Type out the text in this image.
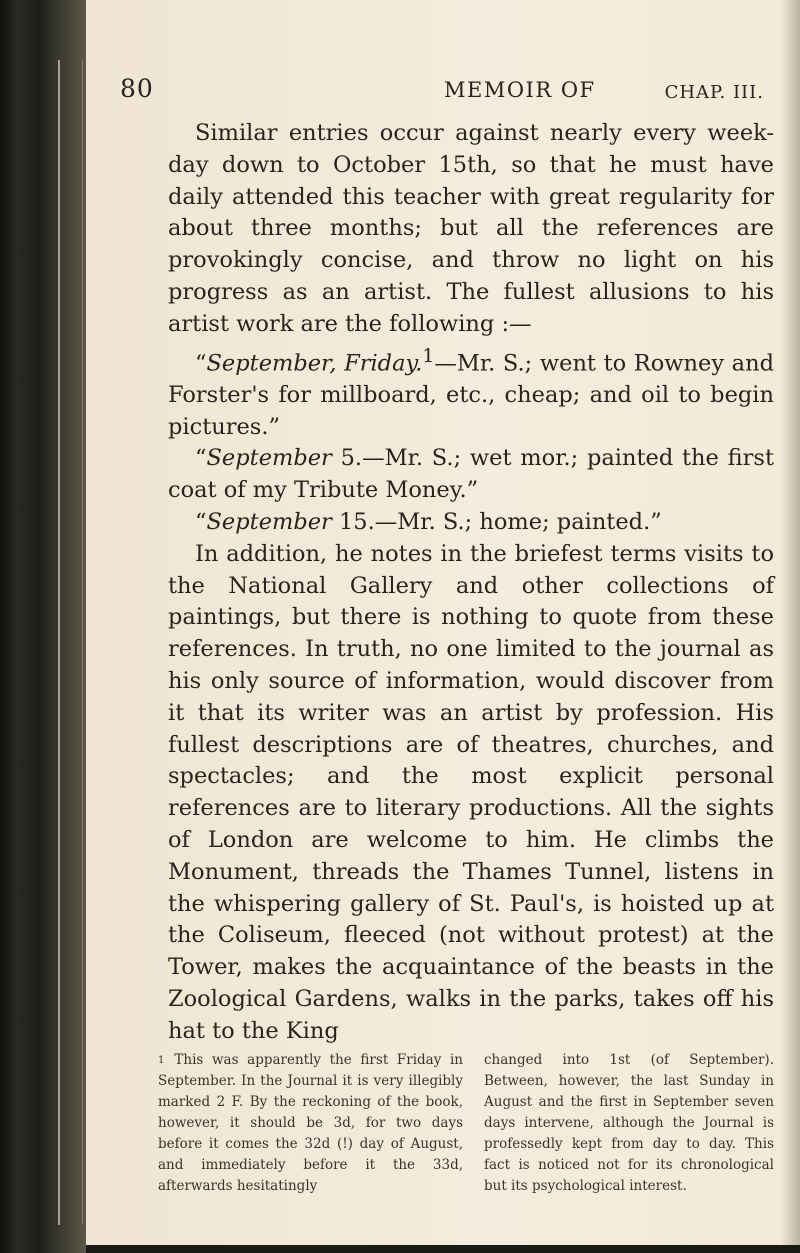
80	MEMOIR OF	CHAP. III.

Similar entries occur against nearly every week-day down to October 15th, so that he must have daily attended this teacher with great regularity for about three months; but all the references are provokingly concise, and throw no light on his progress as an artist. The fullest allusions to his artist work are the following :—

“September, Friday.$^1$—Mr. S.; went to Rowney and Forster's for millboard, etc., cheap; and oil to begin pictures.”

“September 5.—Mr. S.; wet mor.; painted the first coat of my Tribute Money.”

“September 15.—Mr. S.; home; painted.”

In addition, he notes in the briefest terms visits to the National Gallery and other collections of paintings, but there is nothing to quote from these references. In truth, no one limited to the journal as his only source of information, would discover from it that its writer was an artist by profession. His fullest descriptions are of theatres, churches, and spectacles; and the most explicit personal references are to literary productions. All the sights of London are welcome to him. He climbs the Monument, threads the Thames Tunnel, listens in the whispering gallery of St. Paul's, is hoisted up at the Coliseum, fleeced (not without protest) at the Tower, makes the acquaintance of the beasts in the Zoological Gardens, walks in the parks, takes off his hat to the King

$^1$ This was apparently the first Friday in September. In the Journal it is very illegibly marked 2 F. By the reckoning of the book, however, it should be 3d, for two days before it comes the 32d (!) day of August, and immediately before it the 33d, afterwards hesitatingly
changed into 1st (of September). Between, however, the last Sunday in August and the first in September seven days intervene, although the Journal is professedly kept from day to day. This fact is noticed not for its chronological but its psychological interest.
